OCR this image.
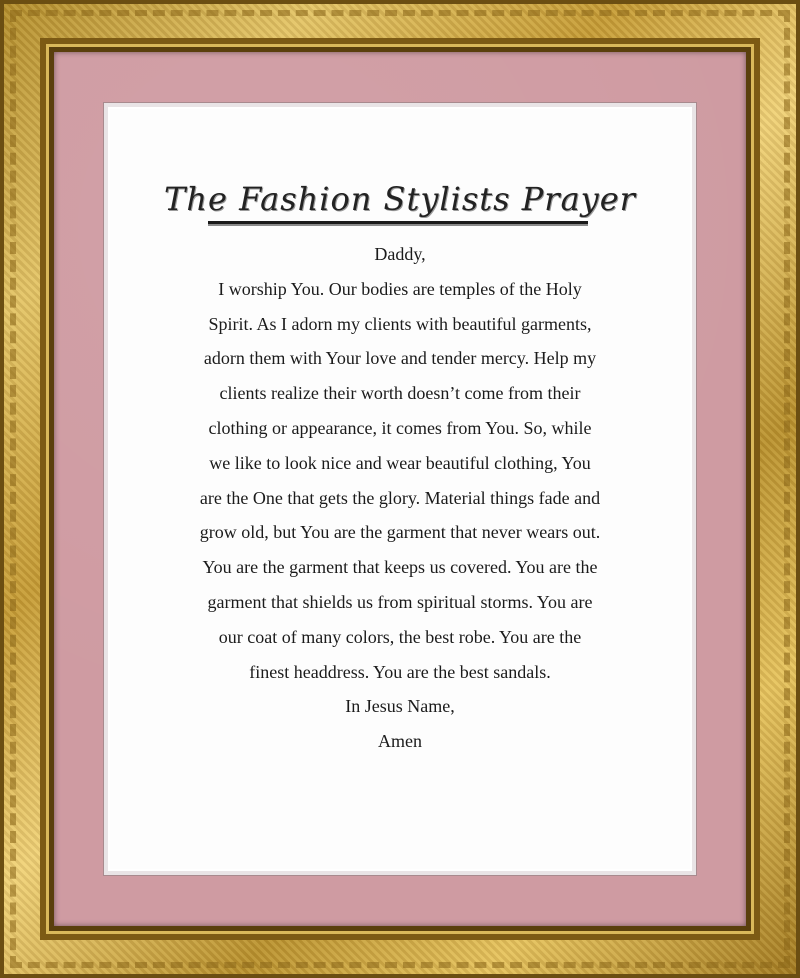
The Fashion Stylists Prayer
Daddy,
I worship You. Our bodies are temples of the Holy
Spirit. As I adorn my clients with beautiful garments,
adorn them with Your love and tender mercy. Help my
clients realize their worth doesn’t come from their
clothing or appearance, it comes from You. So, while
we like to look nice and wear beautiful clothing, You
are the One that gets the glory. Material things fade and
grow old, but You are the garment that never wears out.
You are the garment that keeps us covered. You are the
garment that shields us from spiritual storms. You are
our coat of many colors, the best robe. You are the
finest headdress. You are the best sandals.
In Jesus Name,
Amen
